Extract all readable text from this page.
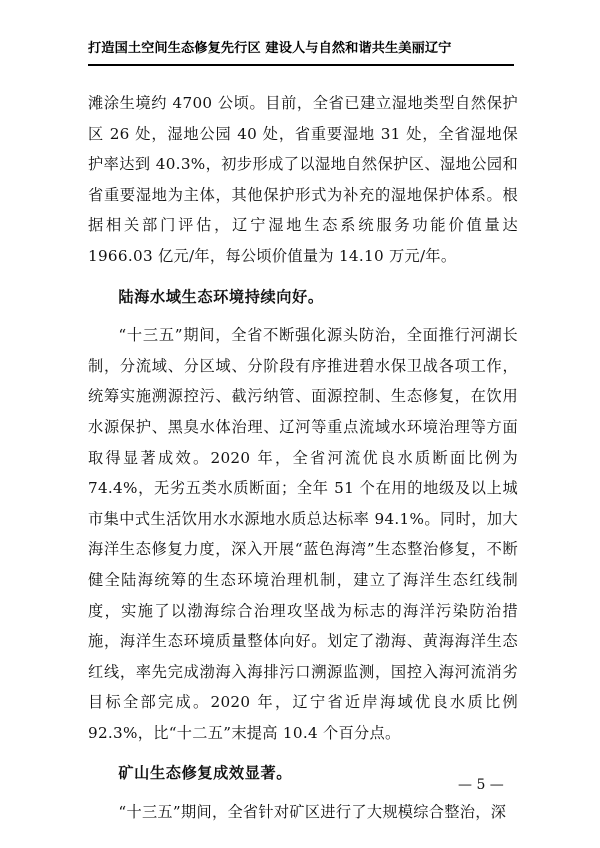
打造国土空间生态修复先行区 建设人与自然和谐共生美丽辽宁

滩涂生境约 4700 公顷。目前，全省已建立湿地类型自然保护区 26 处，湿地公园 40 处，省重要湿地 31 处，全省湿地保护率达到 40.3%，初步形成了以湿地自然保护区、湿地公园和省重要湿地为主体，其他保护形式为补充的湿地保护体系。根据相关部门评估，辽宁湿地生态系统服务功能价值量达 1966.03 亿元/年，每公顷价值量为 14.10 万元/年。

陆海水域生态环境持续向好。

“十三五”期间，全省不断强化源头防治，全面推行河湖长制，分流域、分区域、分阶段有序推进碧水保卫战各项工作，统筹实施溯源控污、截污纳管、面源控制、生态修复，在饮用水源保护、黑臭水体治理、辽河等重点流域水环境治理等方面取得显著成效。2020 年，全省河流优良水质断面比例为 74.4%，无劣五类水质断面；全年 51 个在用的地级及以上城市集中式生活饮用水水源地水质总达标率 94.1%。同时，加大海洋生态修复力度，深入开展“蓝色海湾”生态整治修复，不断健全陆海统筹的生态环境治理机制，建立了海洋生态红线制度，实施了以渤海综合治理攻坚战为标志的海洋污染防治措施，海洋生态环境质量整体向好。划定了渤海、黄海海洋生态红线，率先完成渤海入海排污口溯源监测，国控入海河流消劣目标全部完成。2020 年，辽宁省近岸海域优良水质比例 92.3%，比“十二五”末提高 10.4 个百分点。

矿山生态修复成效显著。

“十三五”期间，全省针对矿区进行了大规模综合整治，深

— 5 —
